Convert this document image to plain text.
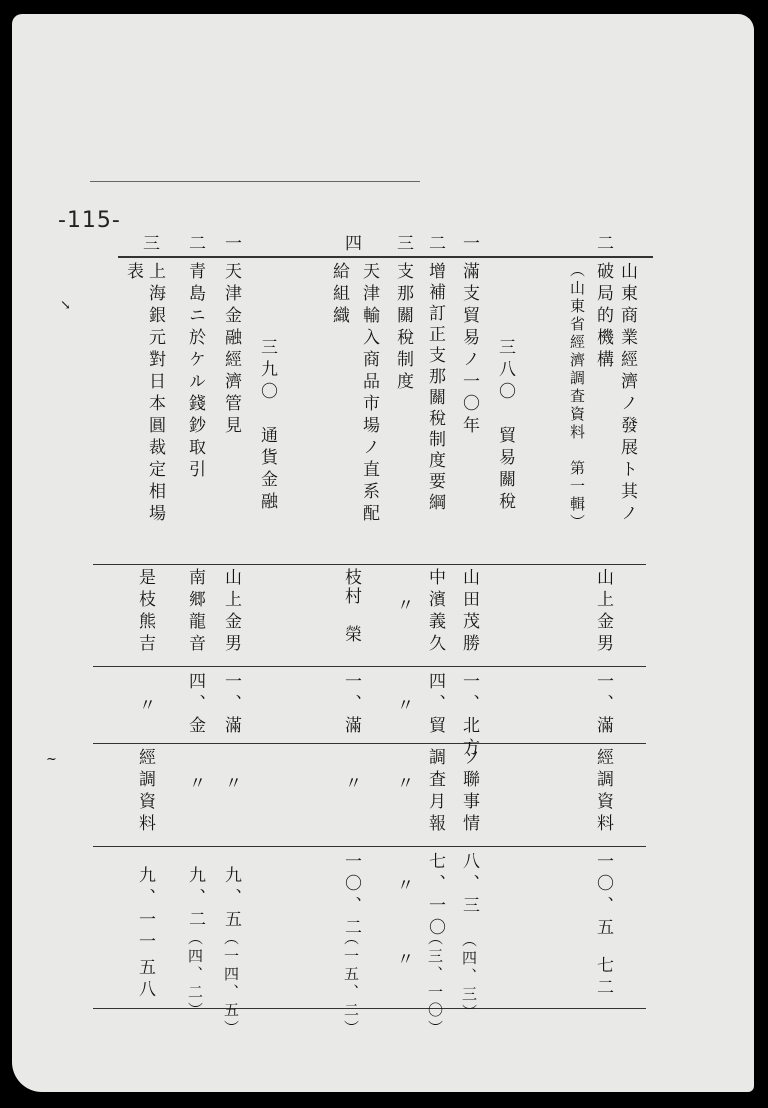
-115-
二
山東商業經濟ノ發展ト其ノ
破局的機構
（山東省經濟調査資料　第一輯）
山上金男
一、滿
經調資料
一〇、五
七二
三八〇　貿易關稅
一
滿支貿易ノ一〇年
山田茂勝
一、北方
ソ聯事情
八、三
（四、三）
二
增補訂正支那關稅制度要綱
中濱義久
四、貿
調査月報
七、一〇
（三、一〇）
三
支那關稅制度
〃
〃
〃
〃
〃
四
天津輸入商品市場ノ直系配
給組織
枝村　榮
一、滿
〃
一〇、二
（一五、二）
三九〇　通貨金融
一
天津金融經濟管見
山上金男
一、滿
〃
九、五
（一四、五）
二
青島ニ於ケル錢鈔取引
南郷龍音
四、金
〃
九、二
（四、二）
三
上海銀元對日本圓裁定相場
表
是枝熊吉
〃
經調資料
九、一一
五八
↘
~
